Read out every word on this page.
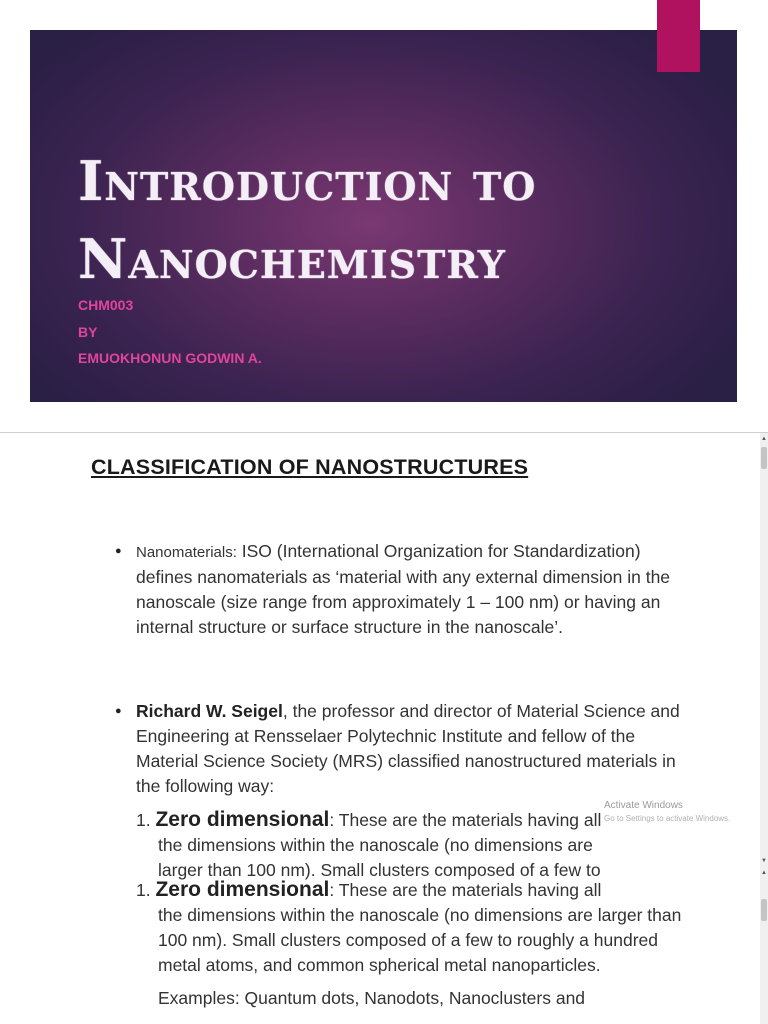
Introduction to
Nanochemistry
CHM003
BY
EMUOKHONUN GODWIN A.
CLASSIFICATION OF NANOSTRUCTURES
● Nanomaterials: ISO (International Organization for Standardization) defines nanomaterials as ‘material with any external dimension in the nanoscale (size range from approximately 1 – 100 nm) or having an internal structure or surface structure in the nanoscale’.
● Richard W. Seigel, the professor and director of Material Science and Engineering at Rensselaer Polytechnic Institute and fellow of the Material Science Society (MRS) classified nanostructured materials in the following way:
1. Zero dimensional: These are the materials having all
the dimensions within the nanoscale (no dimensions are
larger than 100 nm). Small clusters composed of a few to
Activate Windows
Go to Settings to activate Windows.
1. Zero dimensional: These are the materials having all
the dimensions within the nanoscale (no dimensions are larger than 100 nm). Small clusters composed of a few to roughly a hundred metal atoms, and common spherical metal nanoparticles.
Examples: Quantum dots, Nanodots, Nanoclusters and
▲
▼
▲
